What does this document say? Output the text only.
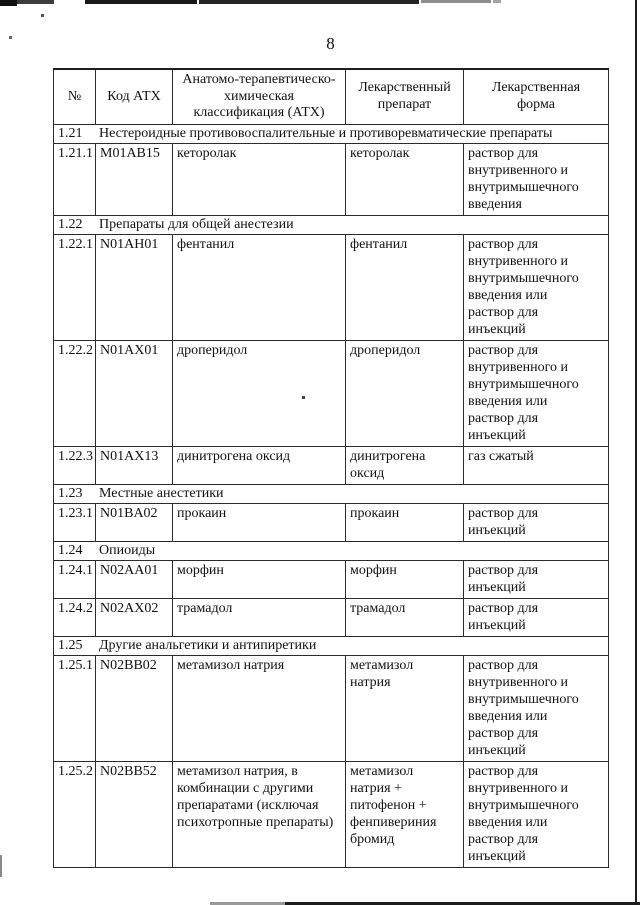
8
№	Код АТХ	Анатомо-терапевтическо-химическая классификация (АТХ)	Лекарственный препарат	Лекарственная форма
1.21 Нестероидные противовоспалительные и противоревматические препараты				
1.21.1	M01AB15	кеторолак	кеторолак	раствор для внутривенного и внутримышечного введения
1.22 Препараты для общей анестезии				
1.22.1	N01AH01	фентанил	фентанил	раствор для внутривенного и внутримышечного введения или раствор для инъекций
1.22.2	N01AX01	дроперидол	дроперидол	раствор для внутривенного и внутримышечного введения или раствор для инъекций
1.22.3	N01AX13	динитрогена оксид	динитрогена оксид	газ сжатый
1.23 Местные анестетики				
1.23.1	N01BA02	прокаин	прокаин	раствор для инъекций
1.24 Опиоиды				
1.24.1	N02AA01	морфин	морфин	раствор для инъекций
1.24.2	N02AX02	трамадол	трамадол	раствор для инъекций
1.25 Другие анальгетики и антипиретики				
1.25.1	N02BB02	метамизол натрия	метамизол натрия	раствор для внутривенного и внутримышечного введения или раствор для инъекций
1.25.2	N02BB52	метамизол натрия, в комбинации с другими препаратами (исключая психотропные препараты)	метамизол натрия + питофенон + фенпивериния бромид	раствор для внутривенного и внутримышечного введения или раствор для инъекций
